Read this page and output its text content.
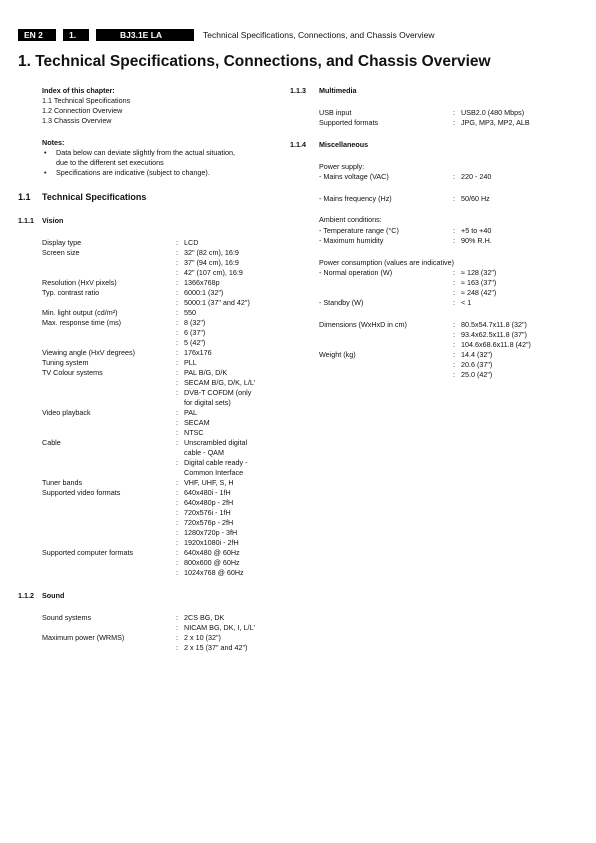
EN 2	1.	BJ3.1E LA	Technical Specifications, Connections, and Chassis Overview
1. Technical Specifications, Connections, and Chassis Overview
Index of this chapter:
1.1 Technical Specifications
1.2 Connection Overview
1.3 Chassis Overview
Notes:
• Data below can deviate slightly from the actual situation,
due to the different set executions
• Specifications are indicative (subject to change).
1.1 Technical Specifications
1.1.1 Vision
Display type	: LCD
Screen size	: 32" (82 cm), 16:9
: 37" (94 cm), 16:9
: 42" (107 cm), 16:9
Resolution (HxV pixels)	: 1366x768p
Typ. contrast ratio	: 6000:1 (32")
: 5000:1 (37" and 42")
Min. light output (cd/m²)	: 550
Max. response time (ms)	: 8 (32")
: 6 (37")
: 5 (42")
Viewing angle (HxV degrees)	: 176x176
Tuning system	: PLL
TV Colour systems	: PAL B/G, D/K
: SECAM B/G, D/K, L/L'
: DVB-T COFDM (only
for digital sets)
Video playback	: PAL
: SECAM
: NTSC
Cable	: Unscrambled digital
cable - QAM
: Digital cable ready -
Common Interface
Tuner bands	: VHF, UHF, S, H
Supported video formats	: 640x480i - 1fH
: 640x480p - 2fH
: 720x576i - 1fH
: 720x576p - 2fH
: 1280x720p - 3fH
: 1920x1080i - 2fH
Supported computer formats	: 640x480 @ 60Hz
: 800x600 @ 60Hz
: 1024x768 @ 60Hz
1.1.2 Sound
Sound systems	: 2CS BG, DK
: NICAM BG, DK, I, L/L'
Maximum power (WRMS)	: 2 x 10 (32")
: 2 x 15 (37" and 42")
1.1.3 Multimedia
USB input	: USB2.0 (480 Mbps)
Supported formats	: JPG, MP3, MP2, ALB
1.1.4 Miscellaneous
Power supply:
- Mains voltage (VAC)	: 220 - 240
- Mains frequency (Hz)	: 50/60 Hz
Ambient conditions:
- Temperature range (°C)	: +5 to +40
- Maximum humidity	: 90% R.H.
Power consumption (values are indicative)
- Normal operation (W)	: ≈ 128 (32")
: ≈ 163 (37")
: ≈ 248 (42")
- Standby (W)	: < 1
Dimensions (WxHxD in cm)	: 80.5x54.7x11.8 (32")
: 93.4x62.5x11.8 (37")
: 104.6x68.6x11.8 (42")
Weight (kg)	: 14.4 (32")
: 20.6 (37")
: 25.0 (42")
